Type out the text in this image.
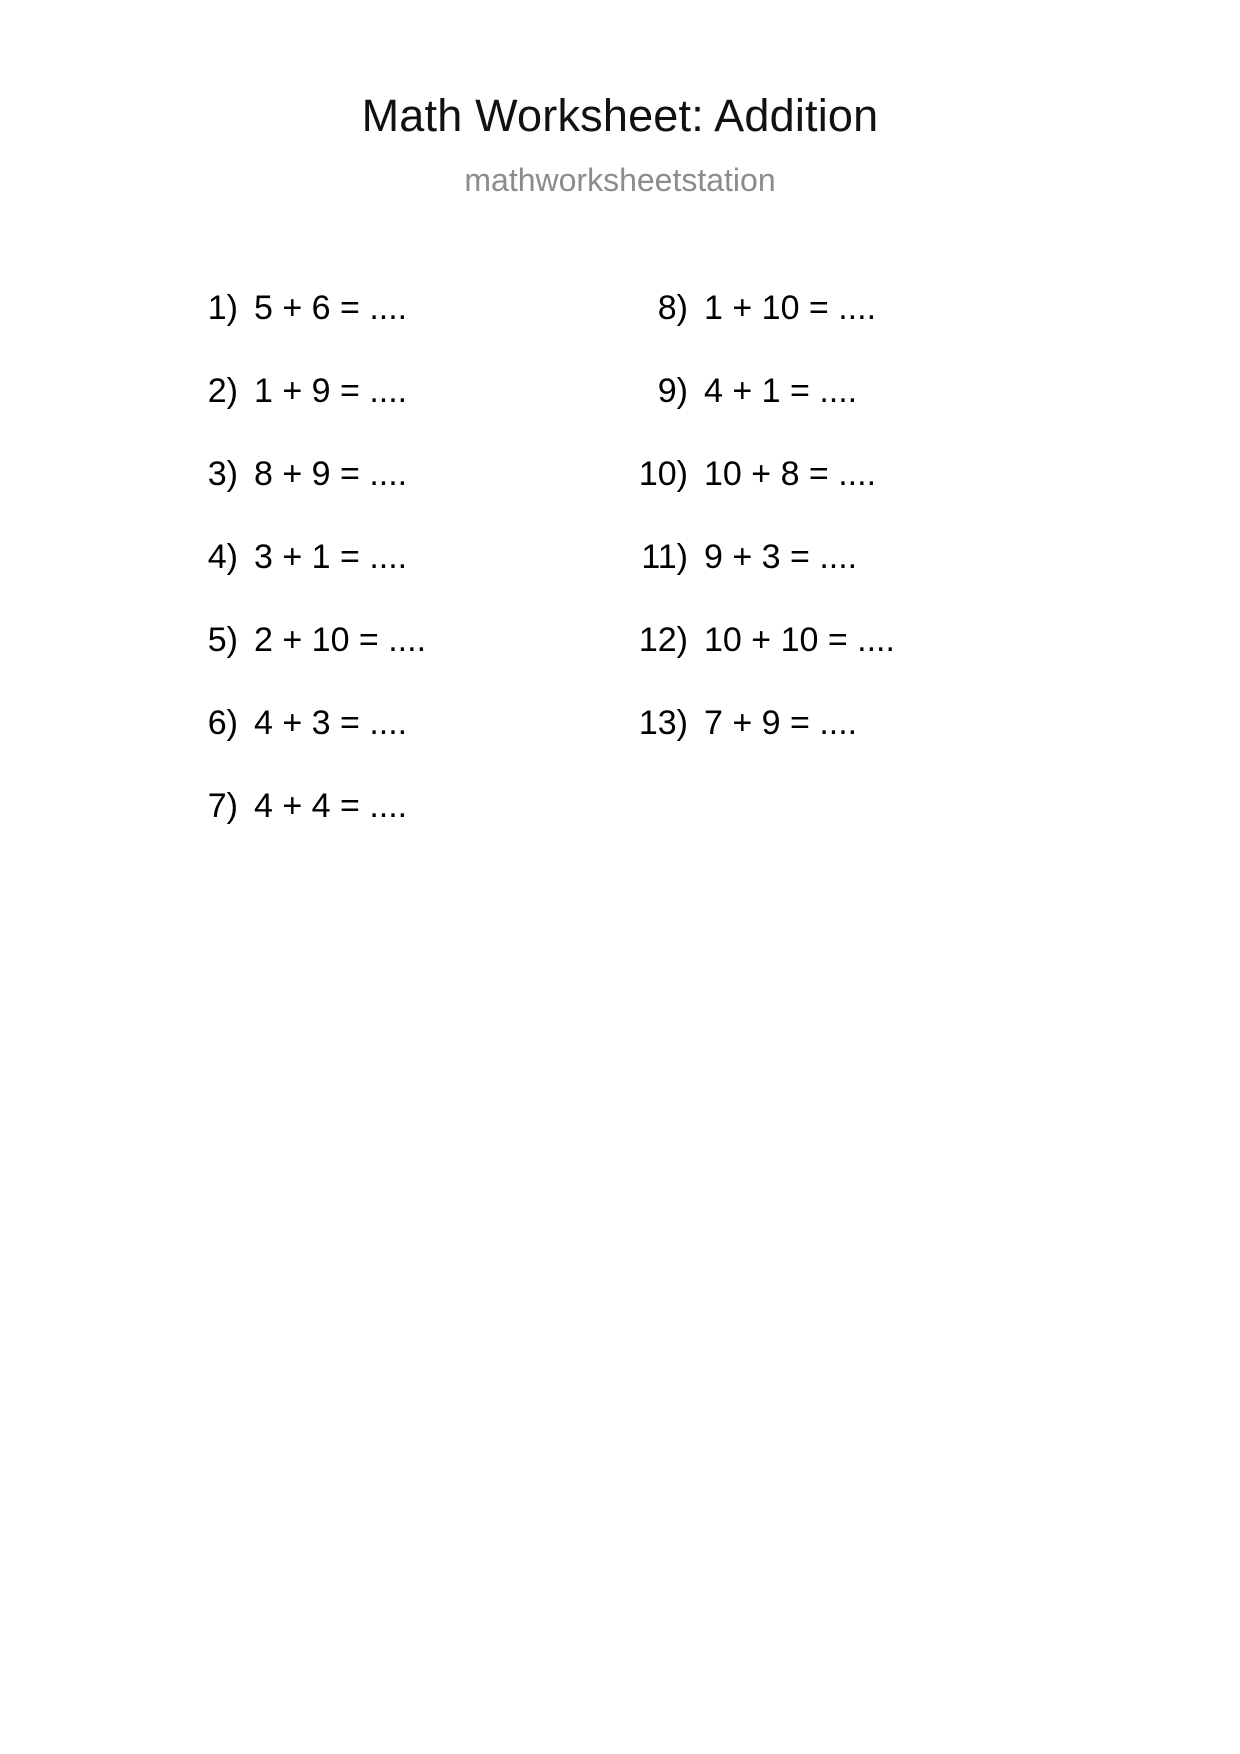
Math Worksheet: Addition
mathworksheetstation
1) 5 + 6 = ....
2) 1 + 9 = ....
3) 8 + 9 = ....
4) 3 + 1 = ....
5) 2 + 10 = ....
6) 4 + 3 = ....
7) 4 + 4 = ....
8) 1 + 10 = ....
9) 4 + 1 = ....
10) 10 + 8 = ....
11) 9 + 3 = ....
12) 10 + 10 = ....
13) 7 + 9 = ....
